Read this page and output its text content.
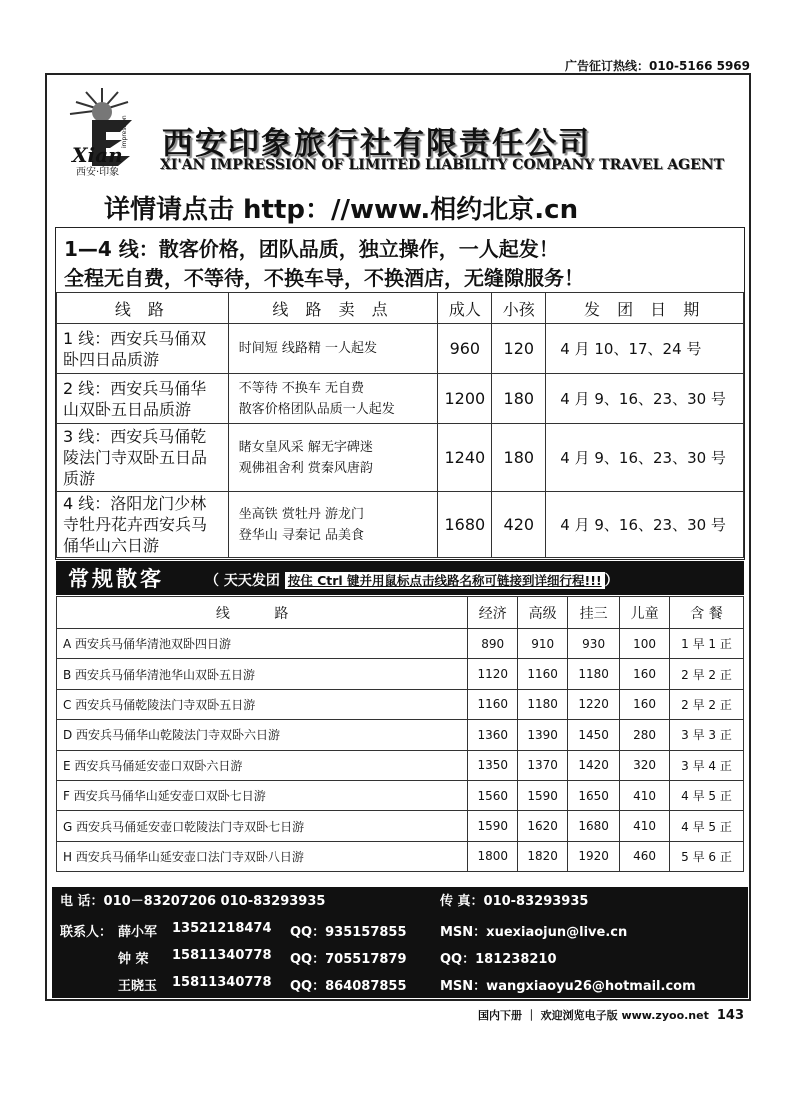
广告征订热线：010-5166 5969
impression
Xian
西安·印象
西安印象旅行社有限责任公司
XI'AN IMPRESSION OF LIMITED LIABILITY COMPANY TRAVEL AGENT
详情请点击 http：//www.相约北京.cn
1—4 线：散客价格，团队品质，独立操作，一人起发！
全程无自费，不等待，不换车导，不换酒店，无缝隙服务！
线 路	线 路 卖 点	成人	小孩	发 团 日 期
1 线：西安兵马俑双卧四日品质游	时间短 线路精 一人起发	960	120	4 月 10、17、24 号
2 线：西安兵马俑华山双卧五日品质游	不等待 不换车 无自费
散客价格团队品质一人起发	1200	180	4 月 9、16、23、30 号
3 线：西安兵马俑乾陵法门寺双卧五日品质游	睹女皇风采 解无字碑迷
观佛祖舍利 赏秦风唐韵	1240	180	4 月 9、16、23、30 号
4 线：洛阳龙门少林寺牡丹花卉西安兵马俑华山六日游	坐高铁 赏牡丹 游龙门
登华山 寻秦记 品美食	1680	420	4 月 9、16、23、30 号
常规散客	（ 天天发团 按住 Ctrl 键并用鼠标点击线路名称可链接到详细行程!!! ）
线 路	经济	高级	挂三	儿童	含 餐
A 西安兵马俑华清池双卧四日游	890	910	930	100	1 早 1 正
B 西安兵马俑华清池华山双卧五日游	1120	1160	1180	160	2 早 2 正
C 西安兵马俑乾陵法门寺双卧五日游	1160	1180	1220	160	2 早 2 正
D 西安兵马俑华山乾陵法门寺双卧六日游	1360	1390	1450	280	3 早 3 正
E 西安兵马俑延安壶口双卧六日游	1350	1370	1420	320	3 早 4 正
F 西安兵马俑华山延安壶口双卧七日游	1560	1590	1650	410	4 早 5 正
G 西安兵马俑延安壶口乾陵法门寺双卧七日游	1590	1620	1680	410	4 早 5 正
H 西安兵马俑华山延安壶口法门寺双卧八日游	1800	1820	1920	460	5 早 6 正
电 话：010－83207206 010-83293935	传 真：010-83293935
联系人： 薛小军 13521218474 QQ：935157855	MSN：xuexiaojun@live.cn
钟 荣 15811340778 QQ：705517879	QQ：181238210
王晓玉 15811340778 QQ：864087855	MSN：wangxiaoyu26@hotmail.com
国内下册 ｜ 欢迎浏览电子版 www.zyoo.net 143
